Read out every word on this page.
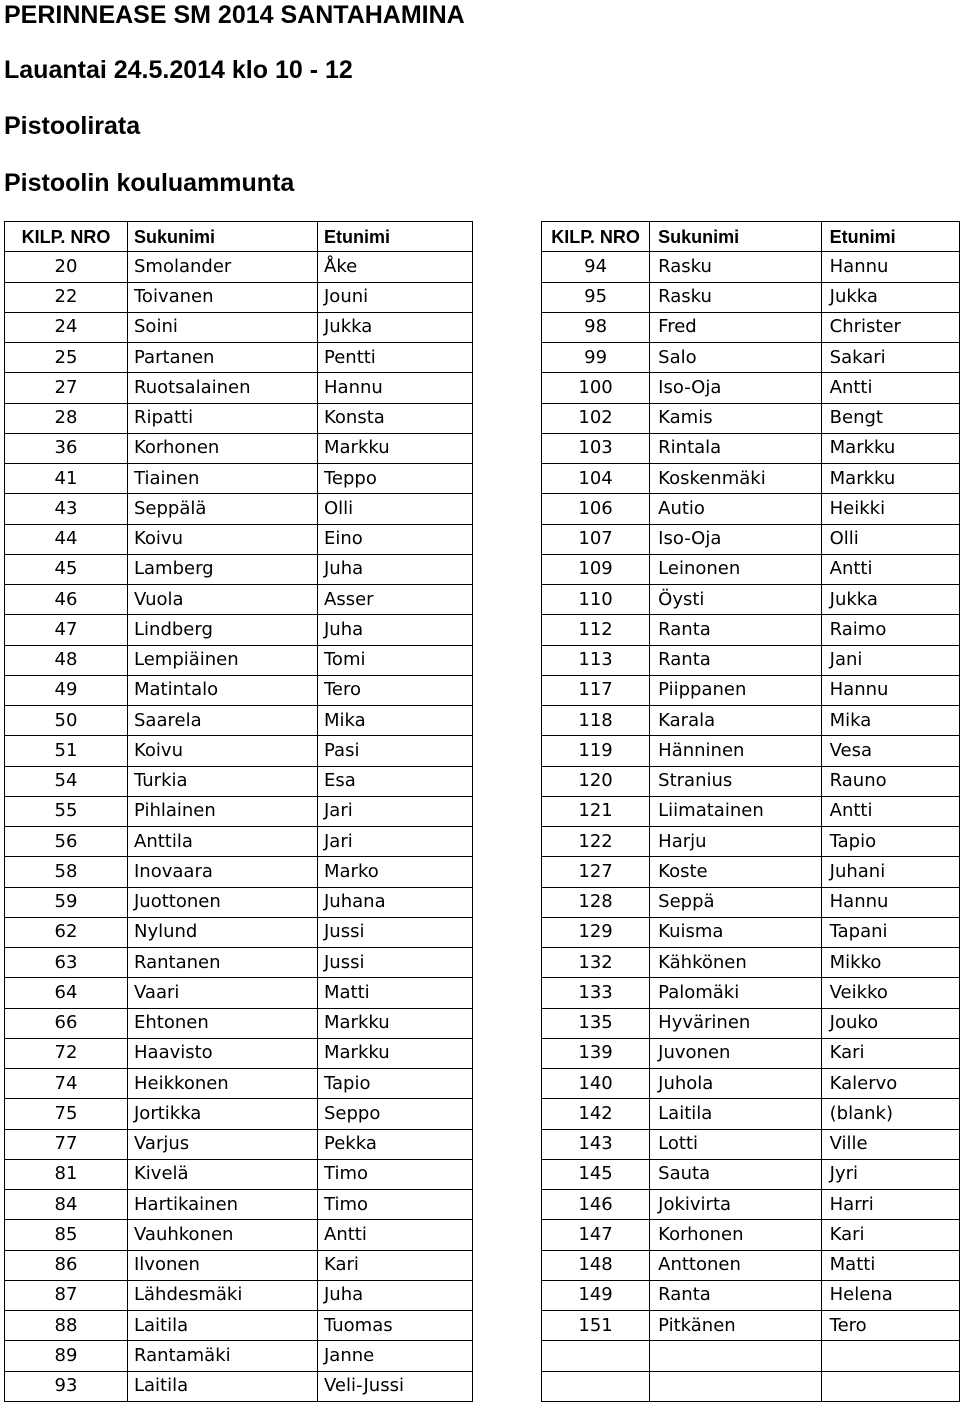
PERINNEASE SM 2014 SANTAHAMINA
Lauantai 24.5.2014 klo 10 - 12
Pistoolirata
Pistoolin kouluammunta
KILP. NRO	Sukunimi	Etunimi
20	Smolander	Åke
22	Toivanen	Jouni
24	Soini	Jukka
25	Partanen	Pentti
27	Ruotsalainen	Hannu
28	Ripatti	Konsta
36	Korhonen	Markku
41	Tiainen	Teppo
43	Seppälä	Olli
44	Koivu	Eino
45	Lamberg	Juha
46	Vuola	Asser
47	Lindberg	Juha
48	Lempiäinen	Tomi
49	Matintalo	Tero
50	Saarela	Mika
51	Koivu	Pasi
54	Turkia	Esa
55	Pihlainen	Jari
56	Anttila	Jari
58	Inovaara	Marko
59	Juottonen	Juhana
62	Nylund	Jussi
63	Rantanen	Jussi
64	Vaari	Matti
66	Ehtonen	Markku
72	Haavisto	Markku
74	Heikkonen	Tapio
75	Jortikka	Seppo
77	Varjus	Pekka
81	Kivelä	Timo
84	Hartikainen	Timo
85	Vauhkonen	Antti
86	Ilvonen	Kari
87	Lähdesmäki	Juha
88	Laitila	Tuomas
89	Rantamäki	Janne
93	Laitila	Veli-Jussi
KILP. NRO	Sukunimi	Etunimi
94	Rasku	Hannu
95	Rasku	Jukka
98	Fred	Christer
99	Salo	Sakari
100	Iso-Oja	Antti
102	Kamis	Bengt
103	Rintala	Markku
104	Koskenmäki	Markku
106	Autio	Heikki
107	Iso-Oja	Olli
109	Leinonen	Antti
110	Öysti	Jukka
112	Ranta	Raimo
113	Ranta	Jani
117	Piippanen	Hannu
118	Karala	Mika
119	Hänninen	Vesa
120	Stranius	Rauno
121	Liimatainen	Antti
122	Harju	Tapio
127	Koste	Juhani
128	Seppä	Hannu
129	Kuisma	Tapani
132	Kähkönen	Mikko
133	Palomäki	Veikko
135	Hyvärinen	Jouko
139	Juvonen	Kari
140	Juhola	Kalervo
142	Laitila	(blank)
143	Lotti	Ville
145	Sauta	Jyri
146	Jokivirta	Harri
147	Korhonen	Kari
148	Anttonen	Matti
149	Ranta	Helena
151	Pitkänen	Tero
